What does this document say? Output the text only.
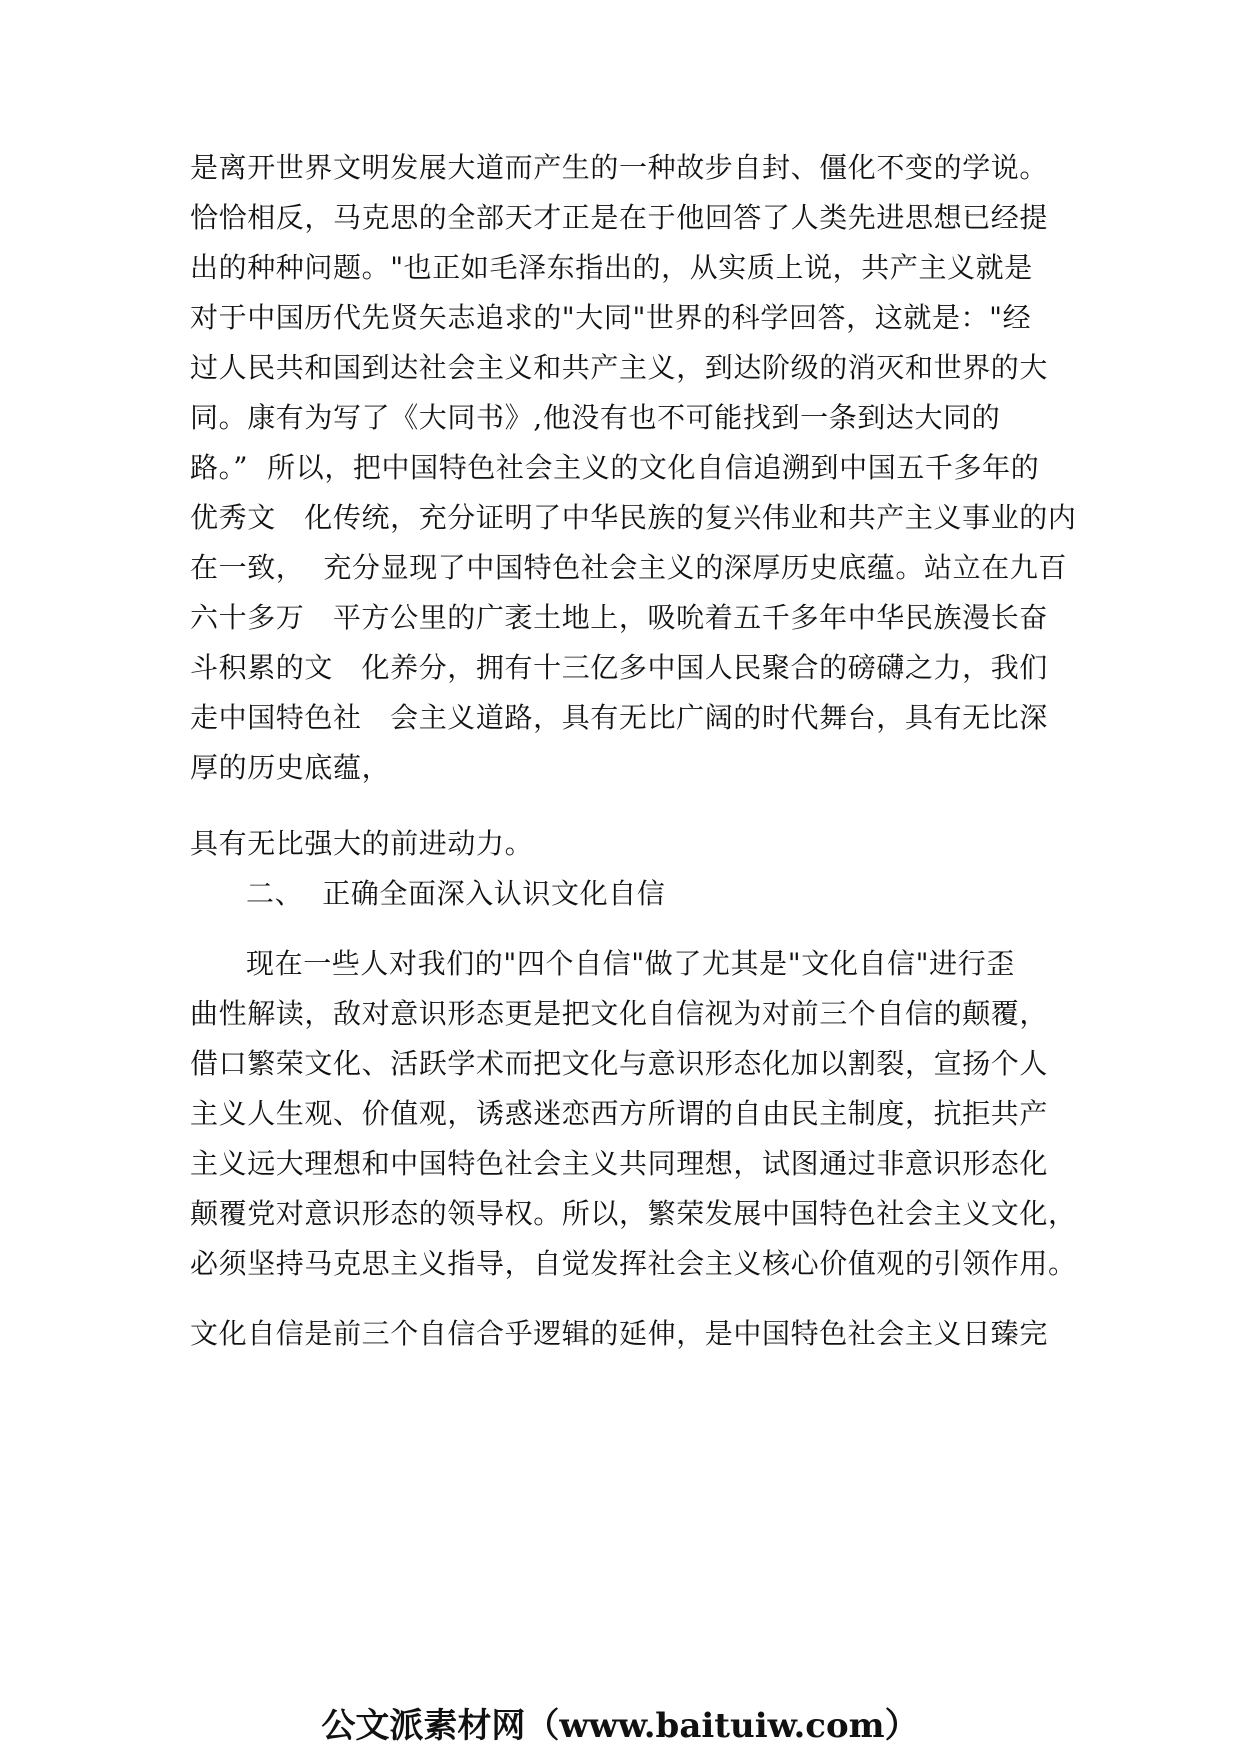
是离开世界文明发展大道而产生的一种故步自封、僵化不变的学说。
恰恰相反，马克思的全部天才正是在于他回答了人类先进思想已经提
出的种种问题。"也正如毛泽东指出的，从实质上说，共产主义就是
对于中国历代先贤矢志追求的"大同"世界的科学回答，这就是："经
过人民共和国到达社会主义和共产主义，到达阶级的消灭和世界的大
同。康有为写了《大同书》,他没有也不可能找到一条到达大同的
路。”  所以，把中国特色社会主义的文化自信追溯到中国五千多年的
优秀文   化传统，充分证明了中华民族的复兴伟业和共产主义事业的内
在一致，  充分显现了中国特色社会主义的深厚历史底蕴。站立在九百
六十多万   平方公里的广袤土地上，吸吮着五千多年中华民族漫长奋
斗积累的文   化养分，拥有十三亿多中国人民聚合的磅礴之力，我们
走中国特色社   会主义道路，具有无比广阔的时代舞台，具有无比深
厚的历史底蕴，
具有无比强大的前进动力。
二、  正确全面深入认识文化自信
现在一些人对我们的"四个自信"做了尤其是"文化自信"进行歪
曲性解读，敌对意识形态更是把文化自信视为对前三个自信的颠覆，
借口繁荣文化、活跃学术而把文化与意识形态化加以割裂，宣扬个人
主义人生观、价值观，诱惑迷恋西方所谓的自由民主制度，抗拒共产
主义远大理想和中国特色社会主义共同理想，试图通过非意识形态化
颠覆党对意识形态的领导权。所以，繁荣发展中国特色社会主义文化，
必须坚持马克思主义指导，自觉发挥社会主义核心价值观的引领作用。
文化自信是前三个自信合乎逻辑的延伸，是中国特色社会主义日臻完
公文派素材网（www.baituiw.com）
